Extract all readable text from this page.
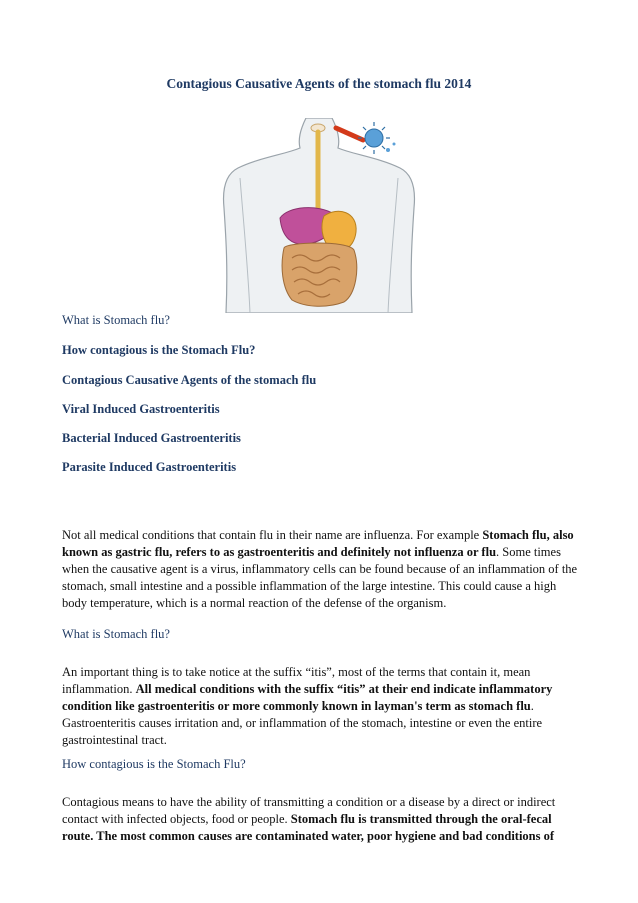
Contagious Causative Agents of the stomach flu 2014
What is Stomach flu?
How contagious is the Stomach Flu?
Contagious Causative Agents of the stomach flu
Viral Induced Gastroenteritis
Bacterial Induced Gastroenteritis
Parasite Induced Gastroenteritis
Not all medical conditions that contain flu in their name are influenza. For example Stomach flu, also known as gastric flu, refers to as gastroenteritis and definitely not influenza or flu. Some times when the causative agent is a virus, inflammatory cells can be found because of an inflammation of the stomach, small intestine and a possible inflammation of the large intestine. This could cause a high body temperature, which is a normal reaction of the defense of the organism.
What is Stomach flu?
An important thing is to take notice at the suffix “itis”, most of the terms that contain it, mean inflammation. All medical conditions with the suffix “itis” at their end indicate inflammatory condition like gastroenteritis or more commonly known in layman's term as stomach flu. Gastroenteritis causes irritation and, or inflammation of the stomach, intestine or even the entire gastrointestinal tract.
How contagious is the Stomach Flu?
Contagious means to have the ability of transmitting a condition or a disease by a direct or indirect contact with infected objects, food or people. Stomach flu is transmitted through the oral-fecal route. The most common causes are contaminated water, poor hygiene and bad conditions of
